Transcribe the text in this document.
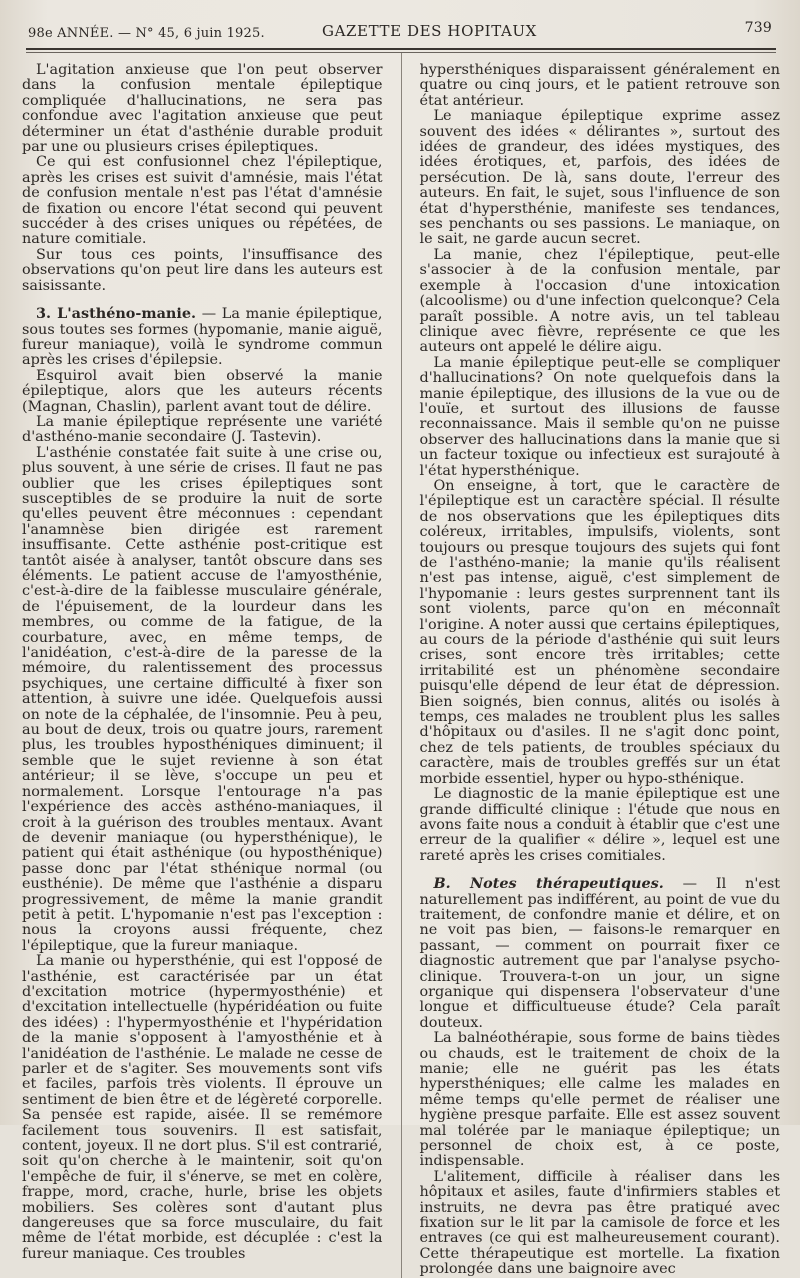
98e ANNÉE. — N° 45, 6 juin 1925.	GAZETTE DES HOPITAUX	739

L'agitation anxieuse que l'on peut observer dans la confusion mentale épileptique compliquée d'hallucinations, ne sera pas confondue avec l'agitation anxieuse que peut déterminer un état d'asthénie durable produit par une ou plusieurs crises épileptiques.

Ce qui est confusionnel chez l'épileptique, après les crises est suivit d'amnésie, mais l'état de confusion mentale n'est pas l'état d'amnésie de fixation ou encore l'état second qui peuvent succéder à des crises uniques ou répétées, de nature comitiale.

Sur tous ces points, l'insuffisance des observations qu'on peut lire dans les auteurs est saisissante.

3. L'asthéno-manie. — La manie épileptique, sous toutes ses formes (hypomanie, manie aiguë, fureur maniaque), voilà le syndrome commun après les crises d'épilepsie.

Esquirol avait bien observé la manie épileptique, alors que les auteurs récents (Magnan, Chaslin), parlent avant tout de délire.

La manie épileptique représente une variété d'asthéno-manie secondaire (J. Tastevin).

L'asthénie constatée fait suite à une crise ou, plus souvent, à une série de crises. Il faut ne pas oublier que les crises épileptiques sont susceptibles de se produire la nuit de sorte qu'elles peuvent être méconnues : cependant l'anamnèse bien dirigée est rarement insuffisante. Cette asthénie post-critique est tantôt aisée à analyser, tantôt obscure dans ses éléments. Le patient accuse de l'amyosthénie, c'est-à-dire de la faiblesse musculaire générale, de l'épuisement, de la lourdeur dans les membres, ou comme de la fatigue, de la courbature, avec, en même temps, de l'anidéation, c'est-à-dire de la paresse de la mémoire, du ralentissement des processus psychiques, une certaine difficulté à fixer son attention, à suivre une idée. Quelquefois aussi on note de la céphalée, de l'insomnie. Peu à peu, au bout de deux, trois ou quatre jours, rarement plus, les troubles hyposthéniques diminuent; il semble que le sujet revienne à son état antérieur; il se lève, s'occupe un peu et normalement. Lorsque l'entourage n'a pas l'expérience des accès asthéno-maniaques, il croit à la guérison des troubles mentaux. Avant de devenir maniaque (ou hypersthénique), le patient qui était asthénique (ou hyposthénique) passe donc par l'état sthénique normal (ou eusthénie). De même que l'asthénie a disparu progressivement, de même la manie grandit petit à petit. L'hypomanie n'est pas l'exception : nous la croyons aussi fréquente, chez l'épileptique, que la fureur maniaque.

La manie ou hypersthénie, qui est l'opposé de l'asthénie, est caractérisée par un état d'excitation motrice (hypermyosthénie) et d'excitation intellectuelle (hypéridéation ou fuite des idées) : l'hypermyosthénie et l'hypéridation de la manie s'opposent à l'amyosthénie et à l'anidéation de l'asthénie. Le malade ne cesse de parler et de s'agiter. Ses mouvements sont vifs et faciles, parfois très violents. Il éprouve un sentiment de bien être et de légèreté corporelle. Sa pensée est rapide, aisée. Il se remémore facilement tous souvenirs. Il est satisfait, content, joyeux. Il ne dort plus. S'il est contrarié, soit qu'on cherche à le maintenir, soit qu'on l'empêche de fuir, il s'énerve, se met en colère, frappe, mord, crache, hurle, brise les objets mobiliers. Ses colères sont d'autant plus dangereuses que sa force musculaire, du fait même de l'état morbide, est décuplée : c'est la fureur maniaque. Ces troubles

hypersthéniques disparaissent généralement en quatre ou cinq jours, et le patient retrouve son état antérieur.

Le maniaque épileptique exprime assez souvent des idées « délirantes », surtout des idées de grandeur, des idées mystiques, des idées érotiques, et, parfois, des idées de persécution. De là, sans doute, l'erreur des auteurs. En fait, le sujet, sous l'influence de son état d'hypersthénie, manifeste ses tendances, ses penchants ou ses passions. Le maniaque, on le sait, ne garde aucun secret.

La manie, chez l'épileptique, peut-elle s'associer à de la confusion mentale, par exemple à l'occasion d'une intoxication (alcoolisme) ou d'une infection quelconque? Cela paraît possible. A notre avis, un tel tableau clinique avec fièvre, représente ce que les auteurs ont appelé le délire aigu.

La manie épileptique peut-elle se compliquer d'hallucinations? On note quelquefois dans la manie épileptique, des illusions de la vue ou de l'ouïe, et surtout des illusions de fausse reconnaissance. Mais il semble qu'on ne puisse observer des hallucinations dans la manie que si un facteur toxique ou infectieux est surajouté à l'état hypersthénique.

On enseigne, à tort, que le caractère de l'épileptique est un caractère spécial. Il résulte de nos observations que les épileptiques dits coléreux, irritables, impulsifs, violents, sont toujours ou presque toujours des sujets qui font de l'asthéno-manie; la manie qu'ils réalisent n'est pas intense, aiguë, c'est simplement de l'hypomanie : leurs gestes surprennent tant ils sont violents, parce qu'on en méconnaît l'origine. A noter aussi que certains épileptiques, au cours de la période d'asthénie qui suit leurs crises, sont encore très irritables; cette irritabilité est un phénomène secondaire puisqu'elle dépend de leur état de dépression. Bien soignés, bien connus, alités ou isolés à temps, ces malades ne troublent plus les salles d'hôpitaux ou d'asiles. Il ne s'agit donc point, chez de tels patients, de troubles spéciaux du caractère, mais de troubles greffés sur un état morbide essentiel, hyper ou hypo-sthénique.

Le diagnostic de la manie épileptique est une grande difficulté clinique : l'étude que nous en avons faite nous a conduit à établir que c'est une erreur de la qualifier « délire », lequel est une rareté après les crises comitiales.

B. Notes thérapeutiques. — Il n'est naturellement pas indifférent, au point de vue du traitement, de confondre manie et délire, et on ne voit pas bien, — faisons-le remarquer en passant, — comment on pourrait fixer ce diagnostic autrement que par l'analyse psycho-clinique. Trouvera-t-on un jour, un signe organique qui dispensera l'observateur d'une longue et difficultueuse étude? Cela paraît douteux.

La balnéothérapie, sous forme de bains tièdes ou chauds, est le traitement de choix de la manie; elle ne guérit pas les états hypersthéniques; elle calme les malades en même temps qu'elle permet de réaliser une hygiène presque parfaite. Elle est assez souvent mal tolérée par le maniaque épileptique; un personnel de choix est, à ce poste, indispensable.

L'alitement, difficile à réaliser dans les hôpitaux et asiles, faute d'infirmiers stables et instruits, ne devra pas être pratiqué avec fixation sur le lit par la camisole de force et les entraves (ce qui est malheureusement courant). Cette thérapeutique est mortelle. La fixation prolongée dans une baignoire avec
